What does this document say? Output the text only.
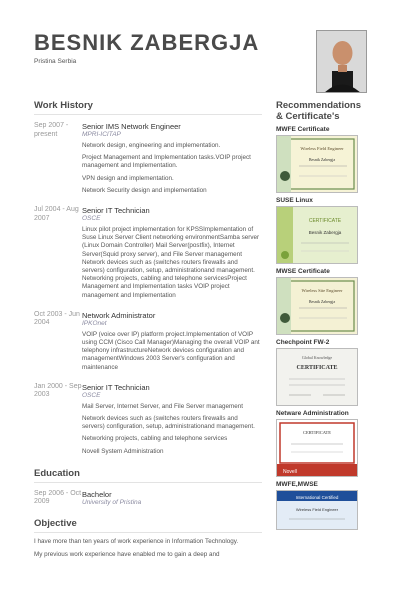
BESNIK ZABERGJA
Pristina Serbia
Work History
Sep 2007 - present
Senior IMS Network Engineer
MPRI-ICITAP
Network design, engineering and implementation.
Project Management and Implementation tasks.VOIP project management and Implementation.
VPN design and implementation.
Network Security design and implementation
Jul 2004 - Aug 2007
Senior IT Technician
OSCE
Linux pilot project implementation for KPSSImplementation of Suse Linux Server Client networking environmentSamba server (Linux Domain Controller) Mail Server(postfix), Internet Server(Squid proxy server), and File Server management Network devices such as (switches routers firewalls and servers) configuration, setup, administrationand management. Networking projects, cabling and telephone servicesProject Management and Implementation tasks VOIP project management and Implementation
Oct 2003 - Jun 2004
Network Administrator
IPKOnet
VOIP (voice over IP) platform project.Implementation of VOIP using CCM (Cisco Call Manager)Managing the overall VOIP ant telephony infrastructureNetwork devices configuration and managementWindows 2003 Server's configuration and maintenance
Jan 2000 - Sep 2003
Senior IT Technician
OSCE
Mail Server, Internet Server, and File Server management
Network devices such as (switches routers firewalls and servers) configuration, setup, administrationand management.
Networking projects, cabling and telephone services
Novell System Administration
Education
Sep 2006 - Oct 2009
Bachelor
University of Pristina
Objective
I have more than ten years of work experience in Information Technology.
My previous work experience have enabled me to gain a deep and
Recommendations & Certificate's
MWFE Certificate
Wireless Field Engineer
Besnik Zabergja
SUSE Linux
CERTIFICATE
Besnik Zabergja
MWSE Certificate
Wireless Site Engineer
Besnik Zabergja
Chechpoint FW-2
Global Knowledge
CERTIFICATE
Netware Administration
CERTIFICATE
Novell
MWFE,MWSE
International Certified
Wireless Field Engineer
